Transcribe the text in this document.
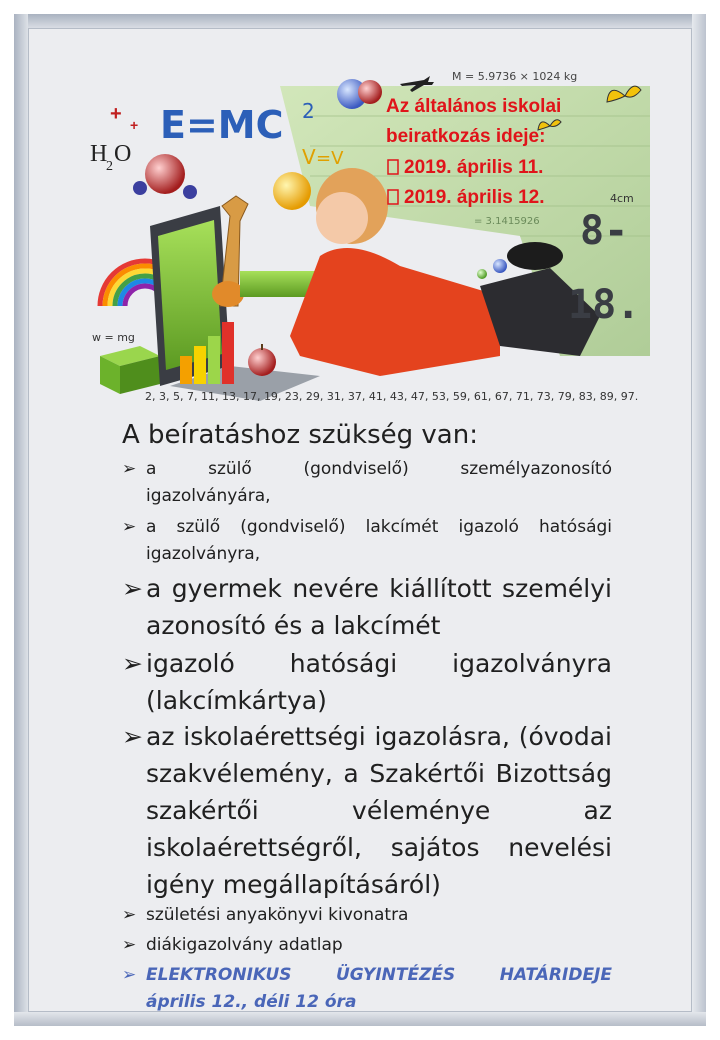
H
2 O
+ + E=MC 2
V =V
M = 5.9736 × 1024 kg
= 3.1415926
4cm
w = mg
8-
18.
Az általános iskolai
beiratkozás ideje:
2019. április 11.
2019. április 12.
2, 3, 5, 7, 11, 13, 17, 19, 23, 29, 31, 37, 41, 43, 47, 53, 59, 61, 67, 71, 73, 79, 83, 89, 97.
A beíratáshoz szükség van:
➢ a szülő (gondviselő) személyazonosító
igazolványára,
➢ a szülő (gondviselő) lakcímét igazoló hatósági
igazolványra,
➢ a gyermek nevére kiállított személyi
azonosító és a lakcímét
➢ igazoló hatósági igazolványra
(lakcímkártya)
➢ az iskolaérettségi igazolásra, (óvodai
szakvélemény, a Szakértői Bizottság
szakértői véleménye az
iskolaérettségről, sajátos nevelési
igény megállapításáról)
➢ születési anyakönyvi kivonatra
➢ diákigazolvány adatlap
➢ ELEKTRONIKUS ÜGYINTÉZÉS HATÁRIDEJE
április 12., déli 12 óra
